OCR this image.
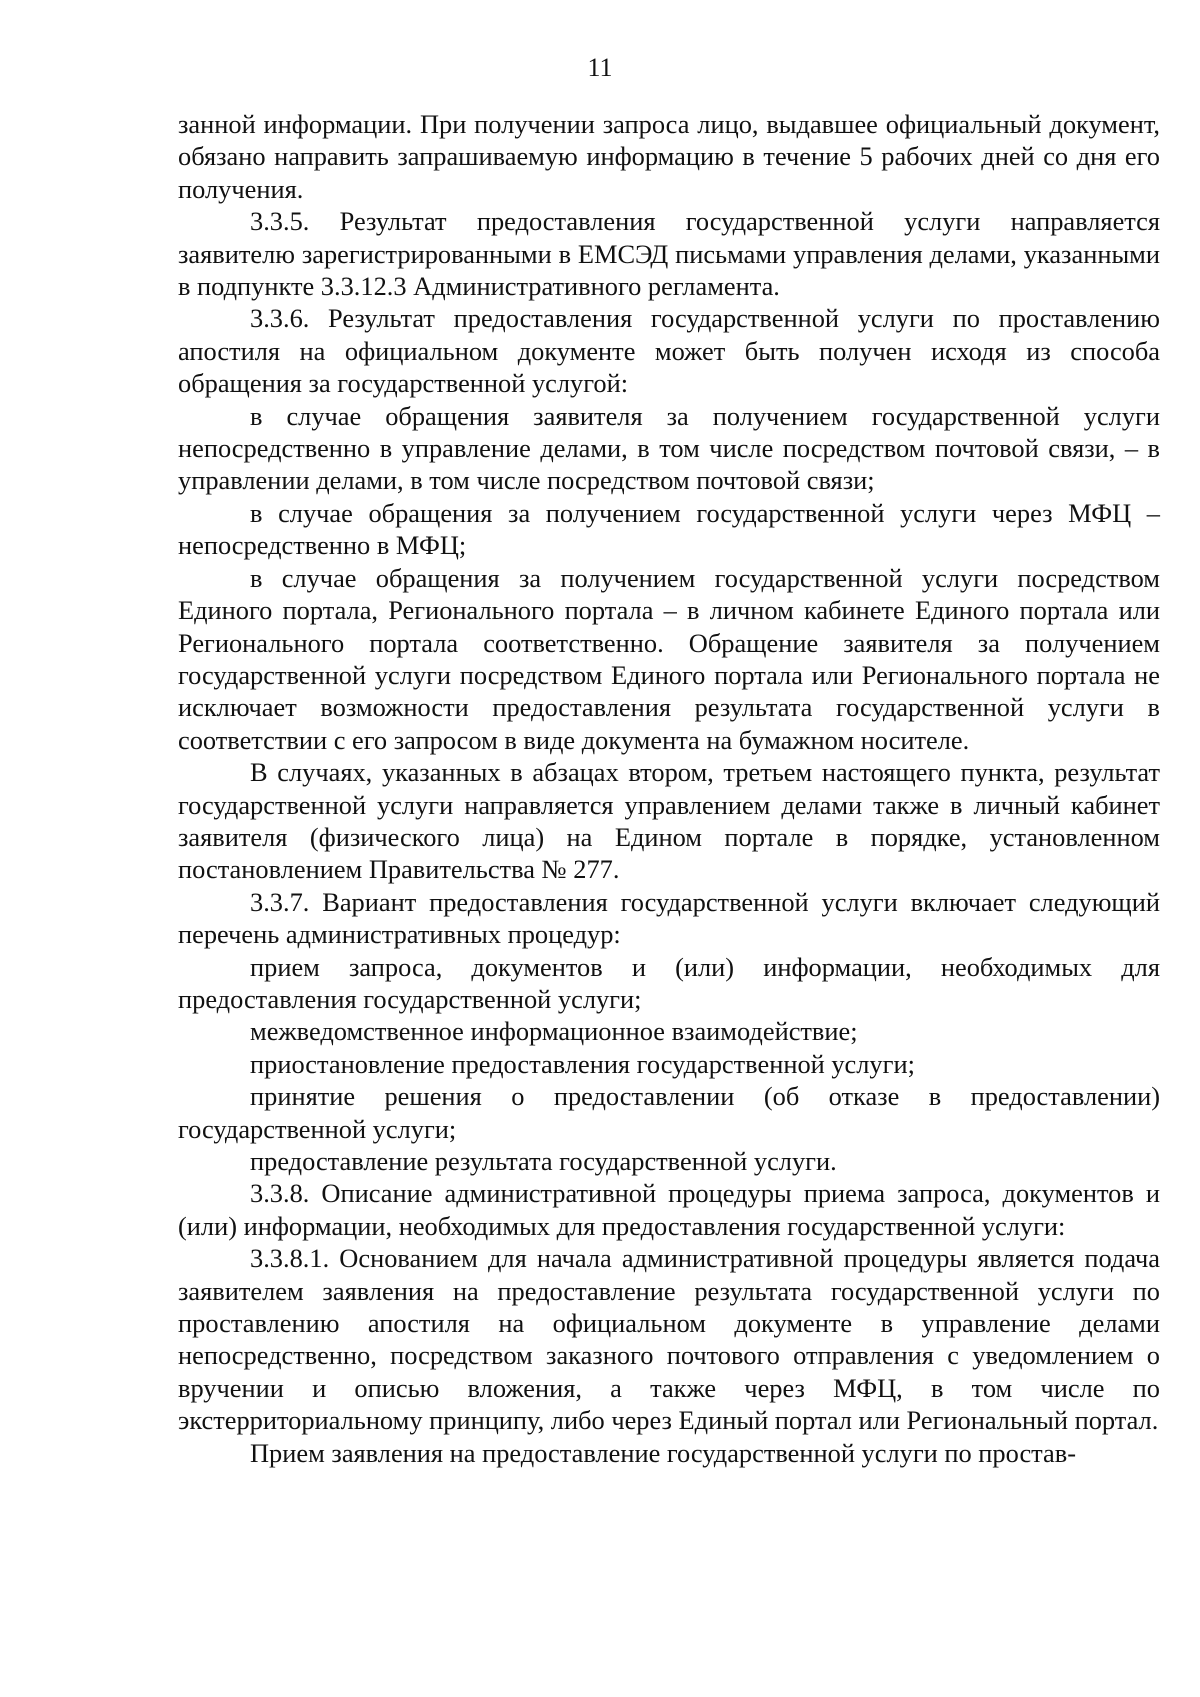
11

занной информации. При получении запроса лицо, выдавшее официальный документ, обязано направить запрашиваемую информацию в течение 5 рабочих дней со дня его получения.

3.3.5. Результат предоставления государственной услуги направляется заявителю зарегистрированными в ЕМСЭД письмами управления делами, указанными в подпункте 3.3.12.3 Административного регламента.

3.3.6. Результат предоставления государственной услуги по проставлению апостиля на официальном документе может быть получен исходя из способа обращения за государственной услугой:

в случае обращения заявителя за получением государственной услуги непосредственно в управление делами, в том числе посредством почтовой связи, – в управлении делами, в том числе посредством почтовой связи;

в случае обращения за получением государственной услуги через МФЦ – непосредственно в МФЦ;

в случае обращения за получением государственной услуги посредством Единого портала, Регионального портала – в личном кабинете Единого портала или Регионального портала соответственно. Обращение заявителя за получением государственной услуги посредством Единого портала или Регионального портала не исключает возможности предоставления результата государственной услуги в соответствии с его запросом в виде документа на бумажном носителе.

В случаях, указанных в абзацах втором, третьем настоящего пункта, результат государственной услуги направляется управлением делами также в личный кабинет заявителя (физического лица) на Едином портале в порядке, установленном постановлением Правительства № 277.

3.3.7. Вариант предоставления государственной услуги включает следующий перечень административных процедур:

прием запроса, документов и (или) информации, необходимых для предоставления государственной услуги;

межведомственное информационное взаимодействие;

приостановление предоставления государственной услуги;

принятие решения о предоставлении (об отказе в предоставлении) государственной услуги;

предоставление результата государственной услуги.

3.3.8. Описание административной процедуры приема запроса, документов и (или) информации, необходимых для предоставления государственной услуги:

3.3.8.1. Основанием для начала административной процедуры является подача заявителем заявления на предоставление результата государственной услуги по проставлению апостиля на официальном документе в управление делами непосредственно, посредством заказного почтового отправления с уведомлением о вручении и описью вложения, а также через МФЦ, в том числе по экстерриториальному принципу, либо через Единый портал или Региональный портал.

Прием заявления на предоставление государственной услуги по простав-
